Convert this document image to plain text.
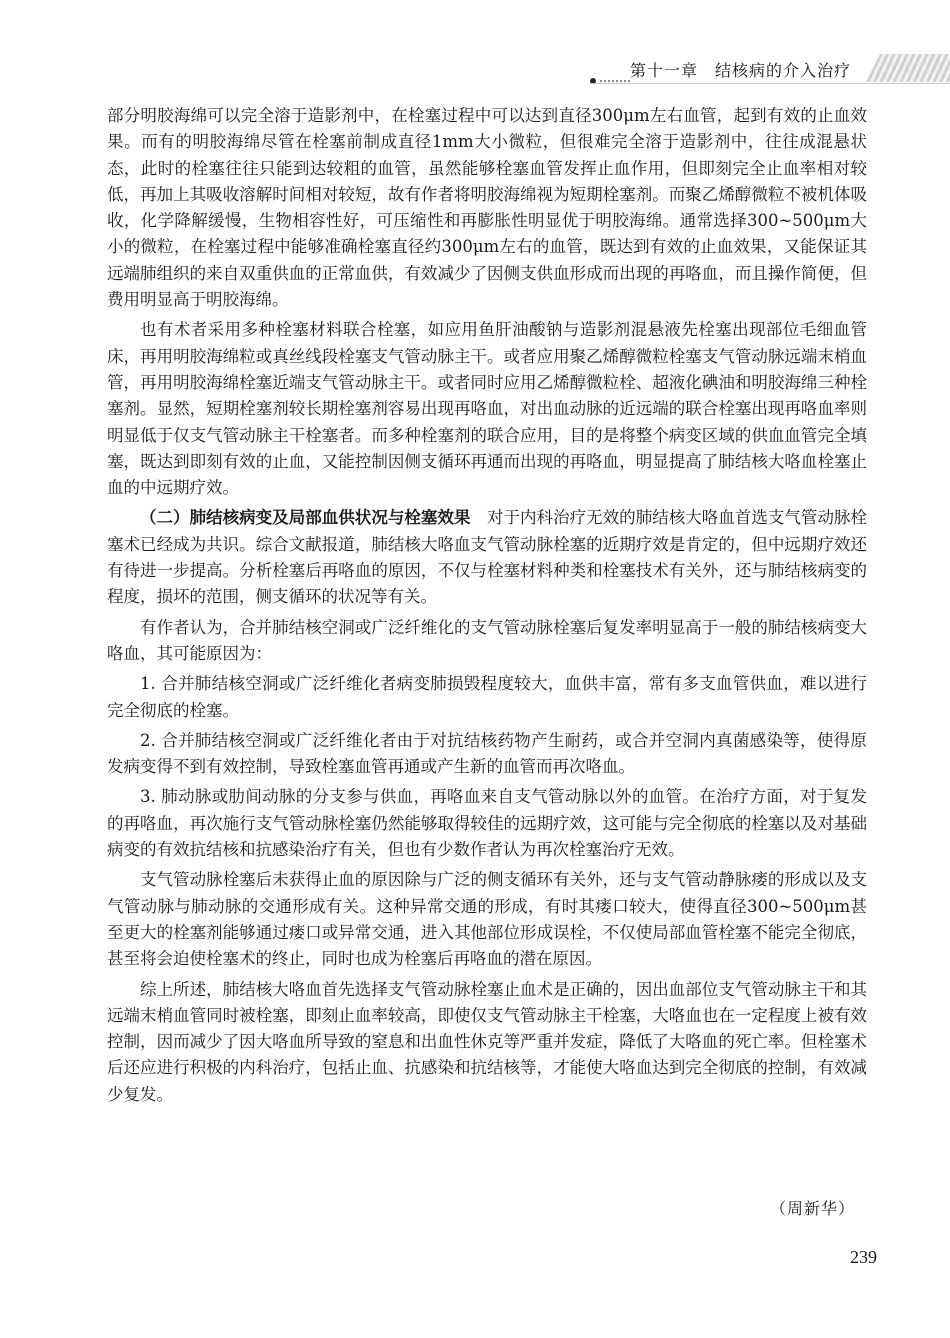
第十一章　结核病的介入治疗

部分明胶海绵可以完全溶于造影剂中，在栓塞过程中可以达到直径300μm左右血管，起到有效的止血效果。而有的明胶海绵尽管在栓塞前制成直径1mm大小微粒，但很难完全溶于造影剂中，往往成混悬状态，此时的栓塞往往只能到达较粗的血管，虽然能够栓塞血管发挥止血作用，但即刻完全止血率相对较低，再加上其吸收溶解时间相对较短，故有作者将明胶海绵视为短期栓塞剂。而聚乙烯醇微粒不被机体吸收，化学降解缓慢，生物相容性好，可压缩性和再膨胀性明显优于明胶海绵。通常选择300~500μm大小的微粒，在栓塞过程中能够准确栓塞直径约300μm左右的血管，既达到有效的止血效果，又能保证其远端肺组织的来自双重供血的正常血供，有效减少了因侧支供血形成而出现的再咯血，而且操作简便，但费用明显高于明胶海绵。

也有术者采用多种栓塞材料联合栓塞，如应用鱼肝油酸钠与造影剂混悬液先栓塞出现部位毛细血管床，再用明胶海绵粒或真丝线段栓塞支气管动脉主干。或者应用聚乙烯醇微粒栓塞支气管动脉远端末梢血管，再用明胶海绵栓塞近端支气管动脉主干。或者同时应用乙烯醇微粒栓、超液化碘油和明胶海绵三种栓塞剂。显然，短期栓塞剂较长期栓塞剂容易出现再咯血，对出血动脉的近远端的联合栓塞出现再咯血率则明显低于仅支气管动脉主干栓塞者。而多种栓塞剂的联合应用，目的是将整个病变区域的供血血管完全填塞，既达到即刻有效的止血，又能控制因侧支循环再通而出现的再咯血，明显提高了肺结核大咯血栓塞止血的中远期疗效。

（二）肺结核病变及局部血供状况与栓塞效果　对于内科治疗无效的肺结核大咯血首选支气管动脉栓塞术已经成为共识。综合文献报道，肺结核大咯血支气管动脉栓塞的近期疗效是肯定的，但中远期疗效还有待进一步提高。分析栓塞后再咯血的原因，不仅与栓塞材料种类和栓塞技术有关外，还与肺结核病变的程度，损坏的范围，侧支循环的状况等有关。

有作者认为，合并肺结核空洞或广泛纤维化的支气管动脉栓塞后复发率明显高于一般的肺结核病变大咯血，其可能原因为：

1. 合并肺结核空洞或广泛纤维化者病变肺损毁程度较大，血供丰富，常有多支血管供血，难以进行完全彻底的栓塞。

2. 合并肺结核空洞或广泛纤维化者由于对抗结核药物产生耐药，或合并空洞内真菌感染等，使得原发病变得不到有效控制，导致栓塞血管再通或产生新的血管而再次咯血。

3. 肺动脉或肋间动脉的分支参与供血，再咯血来自支气管动脉以外的血管。在治疗方面，对于复发的再咯血，再次施行支气管动脉栓塞仍然能够取得较佳的远期疗效，这可能与完全彻底的栓塞以及对基础病变的有效抗结核和抗感染治疗有关，但也有少数作者认为再次栓塞治疗无效。

支气管动脉栓塞后未获得止血的原因除与广泛的侧支循环有关外，还与支气管动静脉瘘的形成以及支气管动脉与肺动脉的交通形成有关。这种异常交通的形成，有时其瘘口较大，使得直径300~500μm甚至更大的栓塞剂能够通过瘘口或异常交通，进入其他部位形成误栓，不仅使局部血管栓塞不能完全彻底，甚至将会迫使栓塞术的终止，同时也成为栓塞后再咯血的潜在原因。

综上所述，肺结核大咯血首先选择支气管动脉栓塞止血术是正确的，因出血部位支气管动脉主干和其远端末梢血管同时被栓塞，即刻止血率较高，即使仅支气管动脉主干栓塞，大咯血也在一定程度上被有效控制，因而减少了因大咯血所导致的窒息和出血性休克等严重并发症，降低了大咯血的死亡率。但栓塞术后还应进行积极的内科治疗，包括止血、抗感染和抗结核等，才能使大咯血达到完全彻底的控制，有效减少复发。

（周新华）
239
